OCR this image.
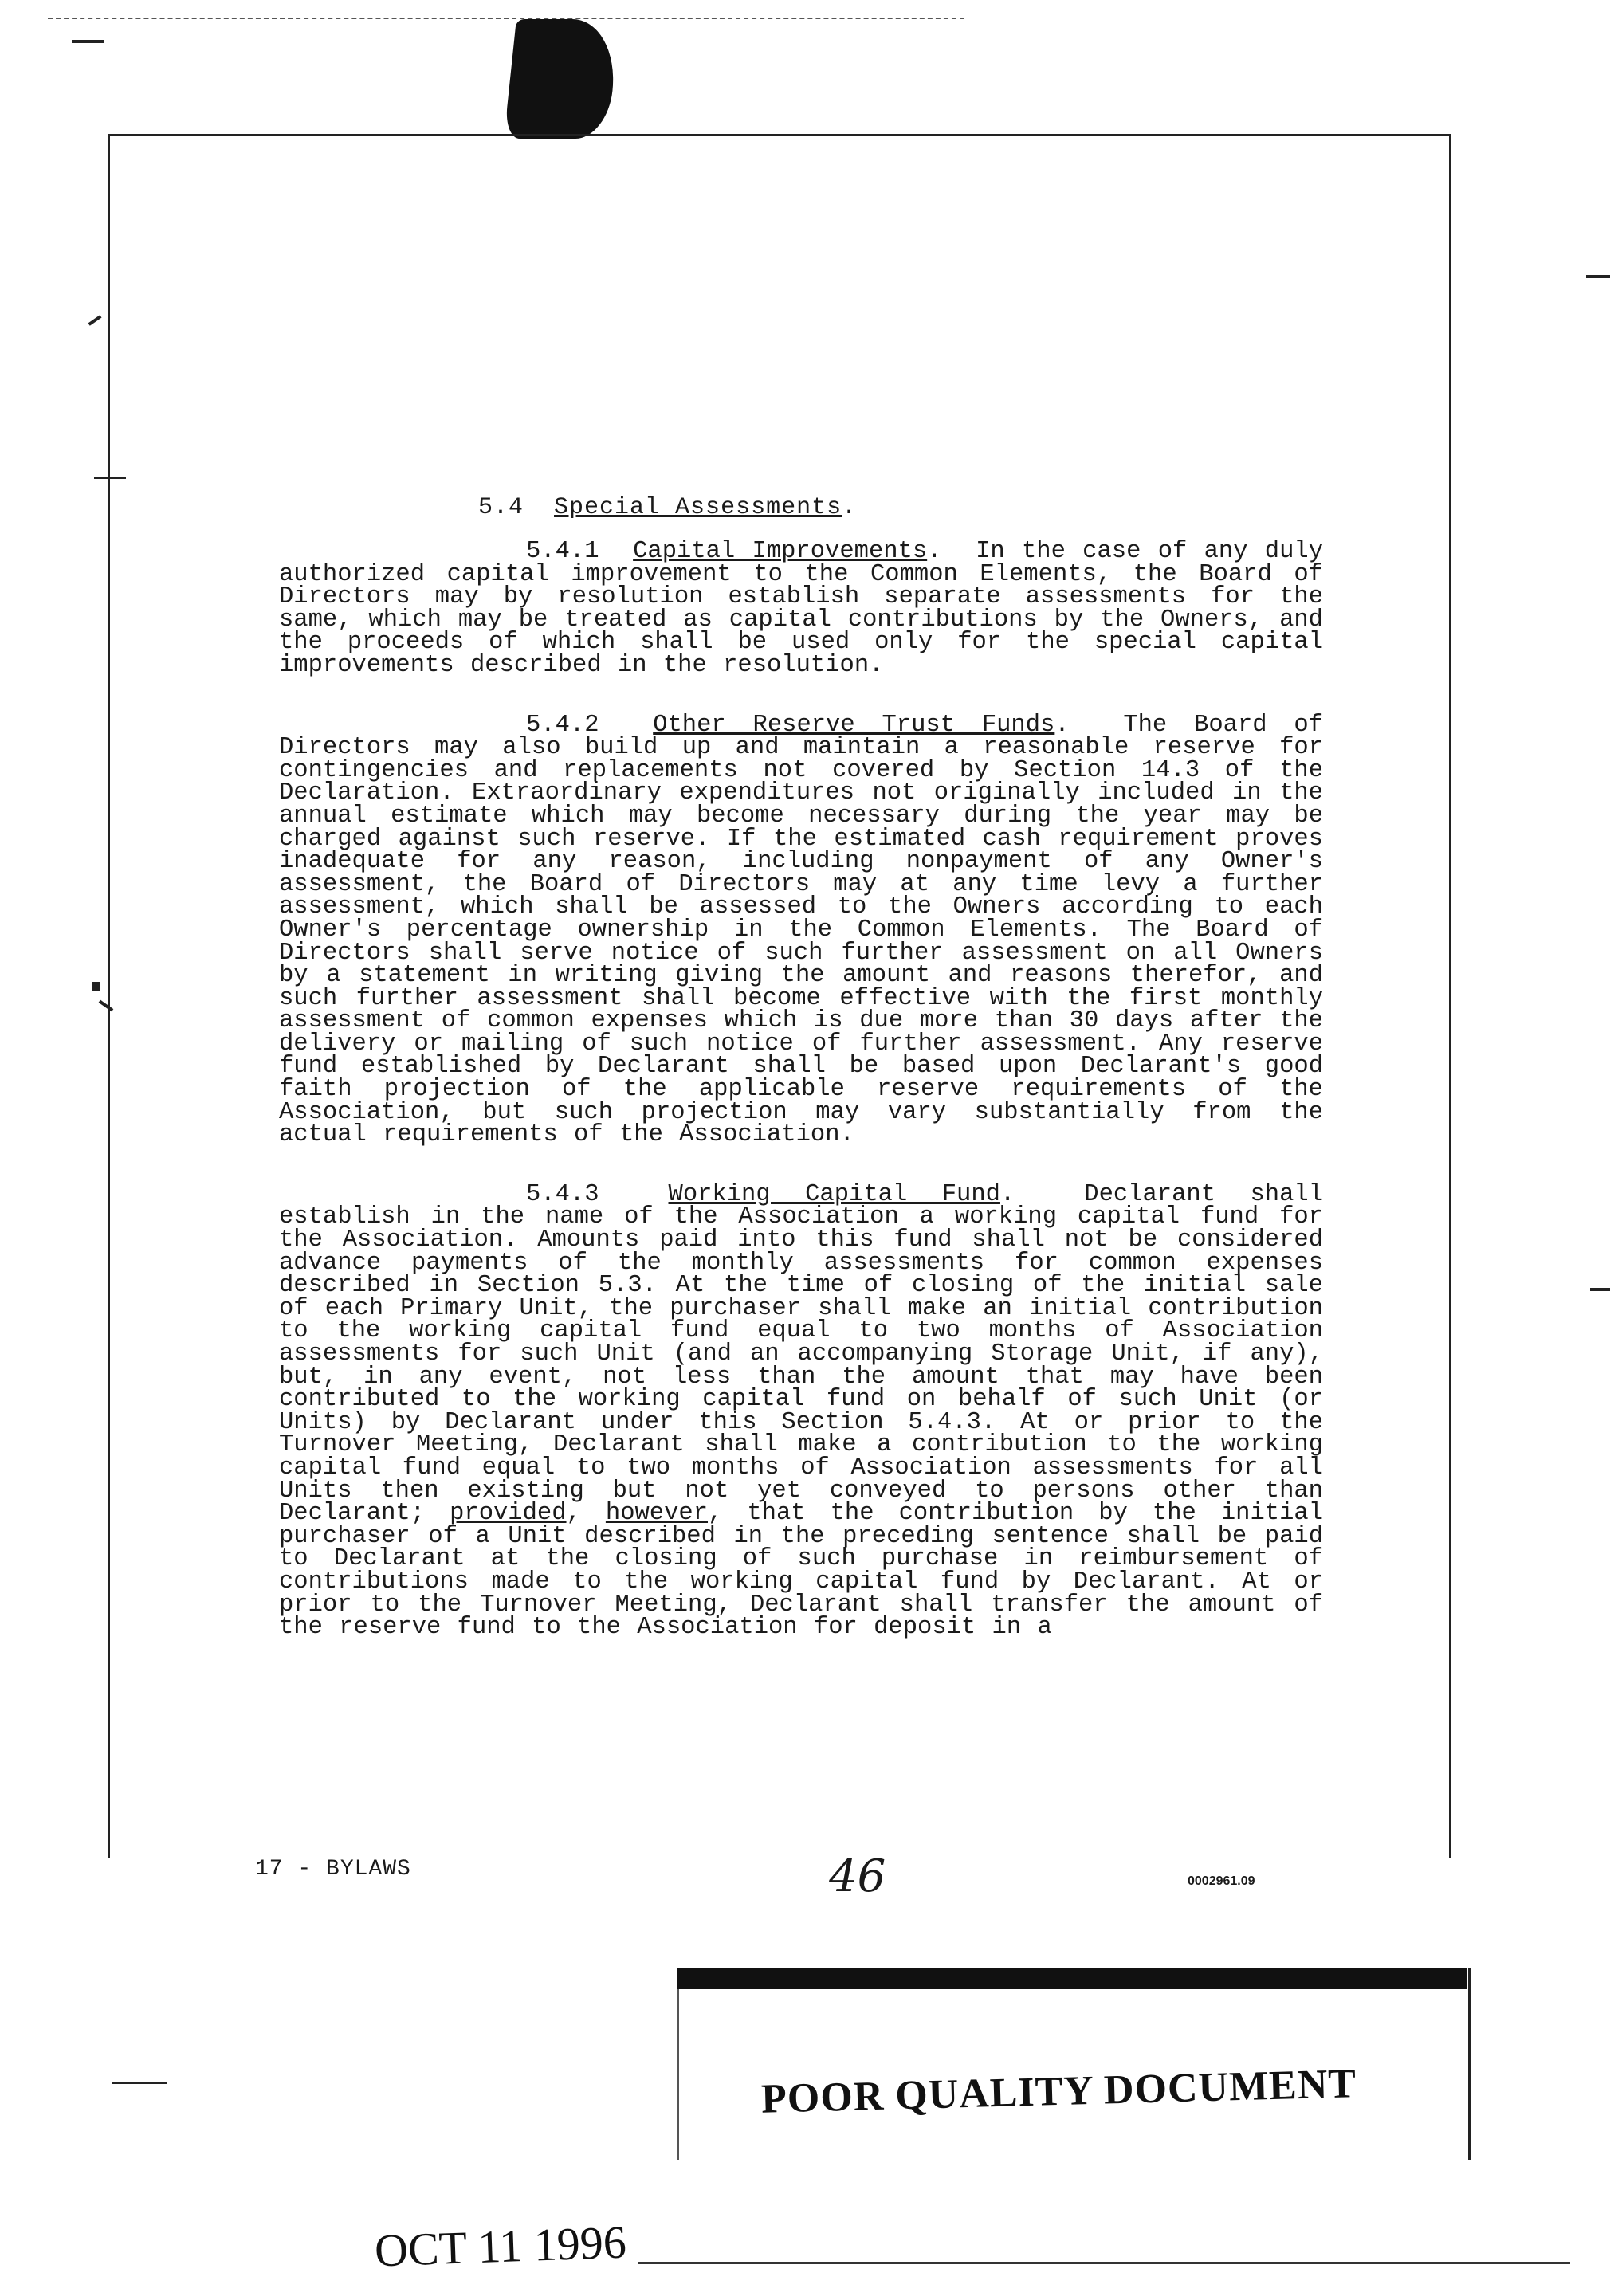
5.4 Special Assessments.

5.4.1 Capital Improvements.  In the case of any duly authorized capital improvement to the Common Elements, the Board of Directors may by resolution establish separate assessments for the same, which may be treated as capital contributions by the Owners, and the proceeds of which shall be used only for the special capital improvements described in the resolution.

5.4.2 Other Reserve Trust Funds.  The Board of Directors may also build up and maintain a reasonable reserve for contingencies and replacements not covered by Section 14.3 of the Declaration. Extraordinary expenditures not originally included in the annual estimate which may become necessary during the year may be charged against such reserve. If the estimated cash requirement proves inadequate for any reason, including nonpayment of any Owner's assessment, the Board of Directors may at any time levy a further assessment, which shall be assessed to the Owners according to each Owner's percentage ownership in the Common Elements. The Board of Directors shall serve notice of such further assessment on all Owners by a statement in writing giving the amount and reasons therefor, and such further assessment shall become effective with the first monthly assessment of common expenses which is due more than 30 days after the delivery or mailing of such notice of further assessment. Any reserve fund established by Declarant shall be based upon Declarant's good faith projection of the applicable reserve requirements of the Association, but such projection may vary substantially from the actual requirements of the Association.

5.4.3	Working Capital Fund.  Declarant shall establish in the name of the Association a working capital fund for the Association. Amounts paid into this fund shall not be considered advance payments of the monthly assessments for common expenses described in Section 5.3. At the time of closing of the initial sale of each Primary Unit, the purchaser shall make an initial contribution to the working capital fund equal to two months of Association assessments for such Unit (and an accompanying Storage Unit, if any), but, in any event, not less than the amount that may have been contributed to the working capital fund on behalf of such Unit (or Units) by Declarant under this Section 5.4.3. At or prior to the Turnover Meeting, Declarant shall make a contribution to the working capital fund equal to two months of Association assessments for all Units then existing but not yet conveyed to persons other than Declarant; provided, however, that the contribution by the initial purchaser of a Unit described in the preceding sentence shall be paid to Declarant at the closing of such purchase in reimbursement of contributions made to the working capital fund by Declarant. At or prior to the Turnover Meeting, Declarant shall transfer the amount of the reserve fund to the Association for deposit in a

17 - BYLAWS	46	0002961.09
POOR QUALITY DOCUMENT
OCT 11 1996
